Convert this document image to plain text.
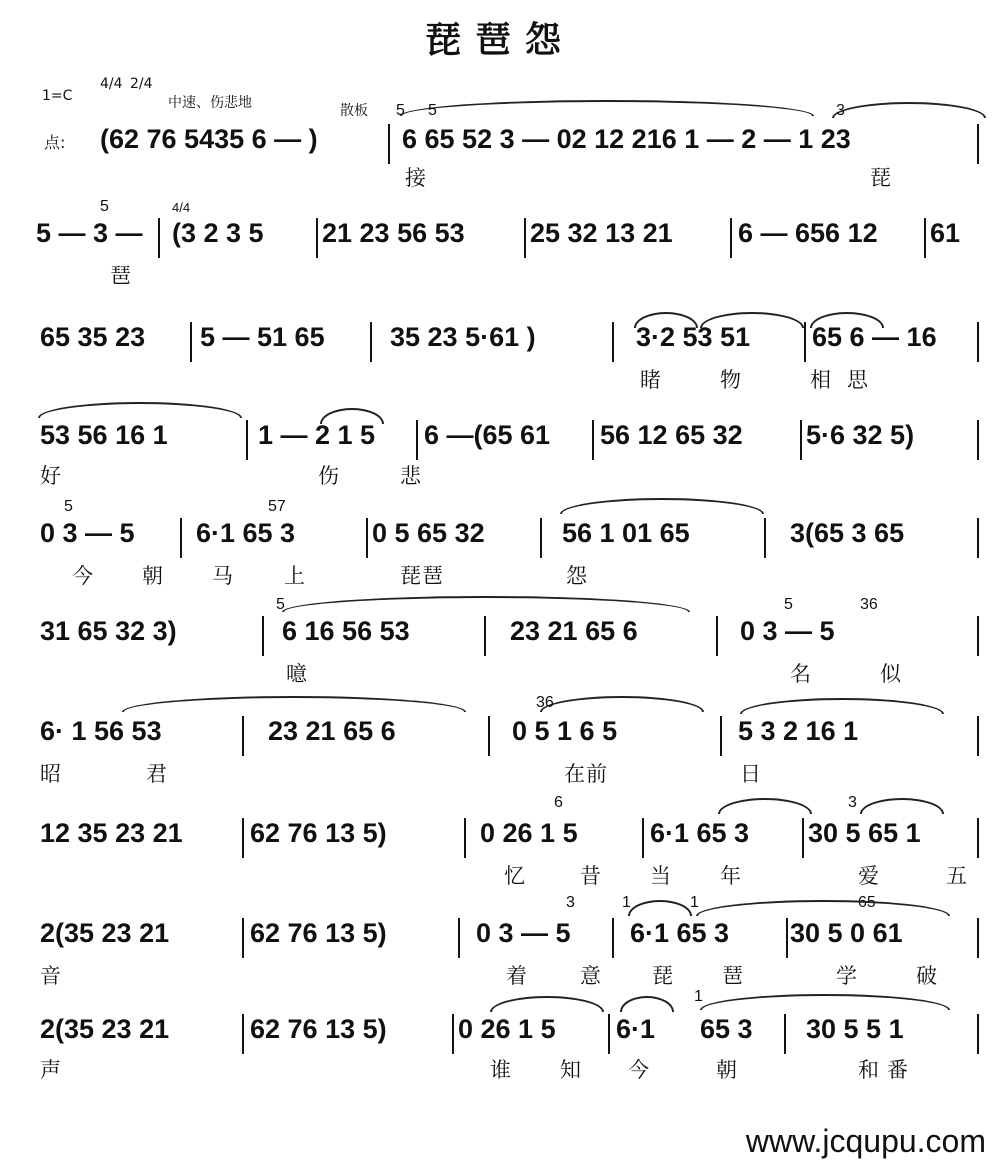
琵琶怨
1=C
4/4 2/4
中速、伤悲地	散板
点:
5 5	3
(62 76 5435 6 — )	6 65 52 3 — 02 12 216 1 — 2 — 1 23
接	琵
5	4/4
5 — 3 — (3 2 3 5 21 23 56 53 25 32 13 21 6 — 656 12 61
琶
65 35 23 5 — 51 65 35 23 5·61 )	3·2 53 51 65 6 — 16
睹	物	相思
53 56 16 1	1 — 2 1 5 6 —(65 61 56 12 65 32 5·6 32 5)
好	伤	悲
5	57
0 3 — 5 6·1 65 3	0 5 65 32	56 1 01 65	3(65 3 65
今 朝 马 上	琵琶	怨
5	5	36
31 65 32 3)	6 16 56 53	23 21 65 6	0 3 — 5
噫	名	似
36
6· 1 56 53	23 21 65 6	0 5 1 6 5	5 3 2 16 1
昭	君	在前	日
6	3
12 35 23 21 62 76 13 5)	0 26 1 5	6·1 65 3 30 5 65 1
忆	昔 当 年	爱	五
3	1	1	65
2(35 23 21	62 76 13 5)	0 3 — 5 6·1 65 3 30 5 0 61
音	着 意 琵 琶	学	破
1
2(35 23 21	62 76 13 5)	0 26 1 5 6·1 65 3 30 5 5 1
声	谁 知 今	朝	和番
www.jcqupu.com
